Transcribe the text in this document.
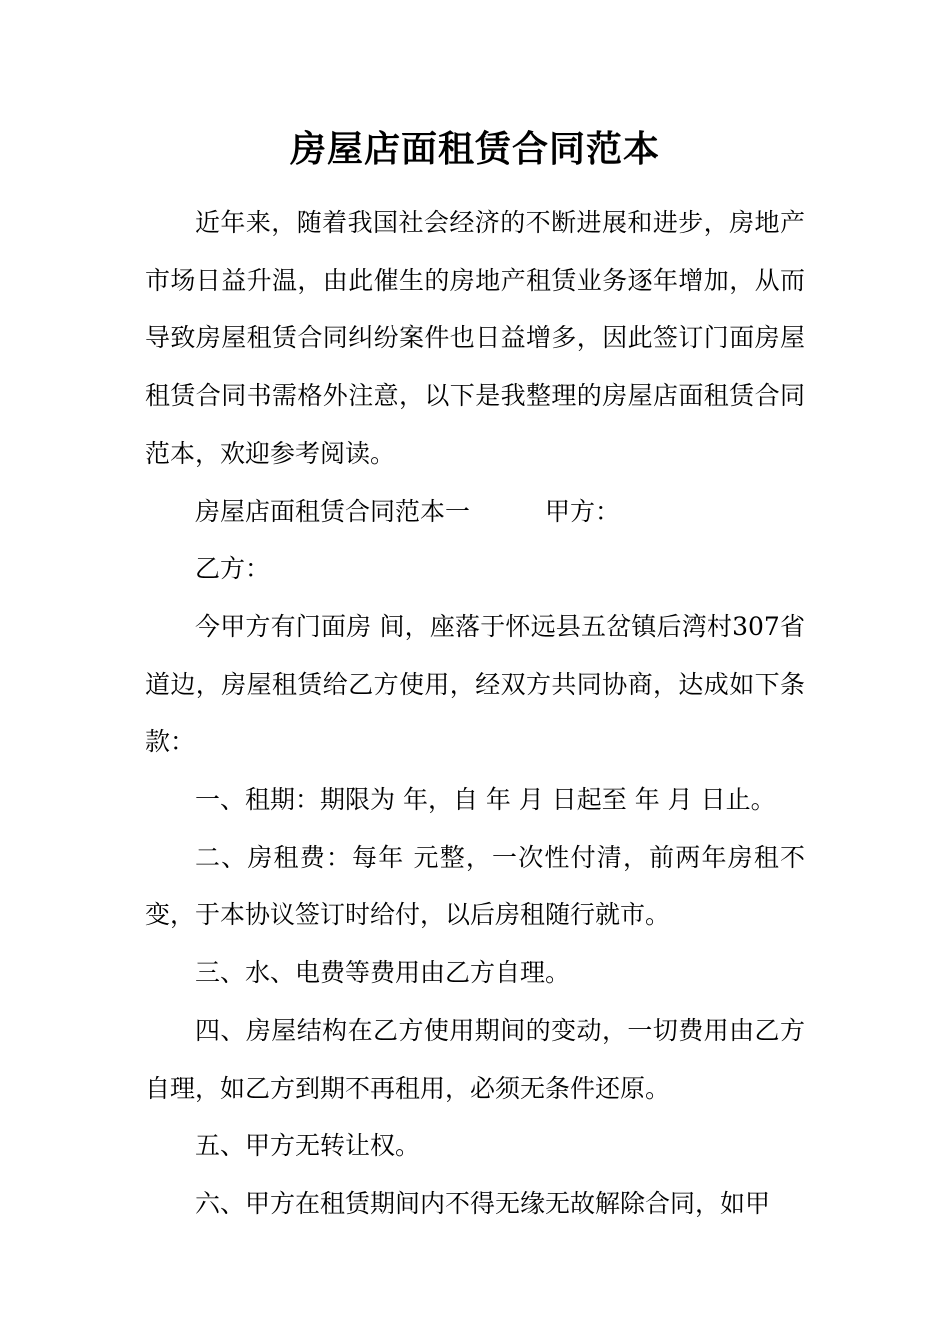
房屋店面租赁合同范本

近年来，随着我国社会经济的不断进展和进步，房地产市场日益升温，由此催生的房地产租赁业务逐年增加，从而导致房屋租赁合同纠纷案件也日益增多，因此签订门面房屋租赁合同书需格外注意，以下是我整理的房屋店面租赁合同范本，欢迎参考阅读。

房屋店面租赁合同范本一　　　甲方：

乙方：

今甲方有门面房 间，座落于怀远县五岔镇后湾村307省道边，房屋租赁给乙方使用，经双方共同协商，达成如下条款：

一、租期：期限为 年，自 年 月 日起至 年 月 日止。

二、房租费：每年 元整，一次性付清，前两年房租不变，于本协议签订时给付，以后房租随行就市。

三、水、电费等费用由乙方自理。

四、房屋结构在乙方使用期间的变动，一切费用由乙方自理，如乙方到期不再租用，必须无条件还原。

五、甲方无转让权。

六、甲方在租赁期间内不得无缘无故解除合同，如甲
